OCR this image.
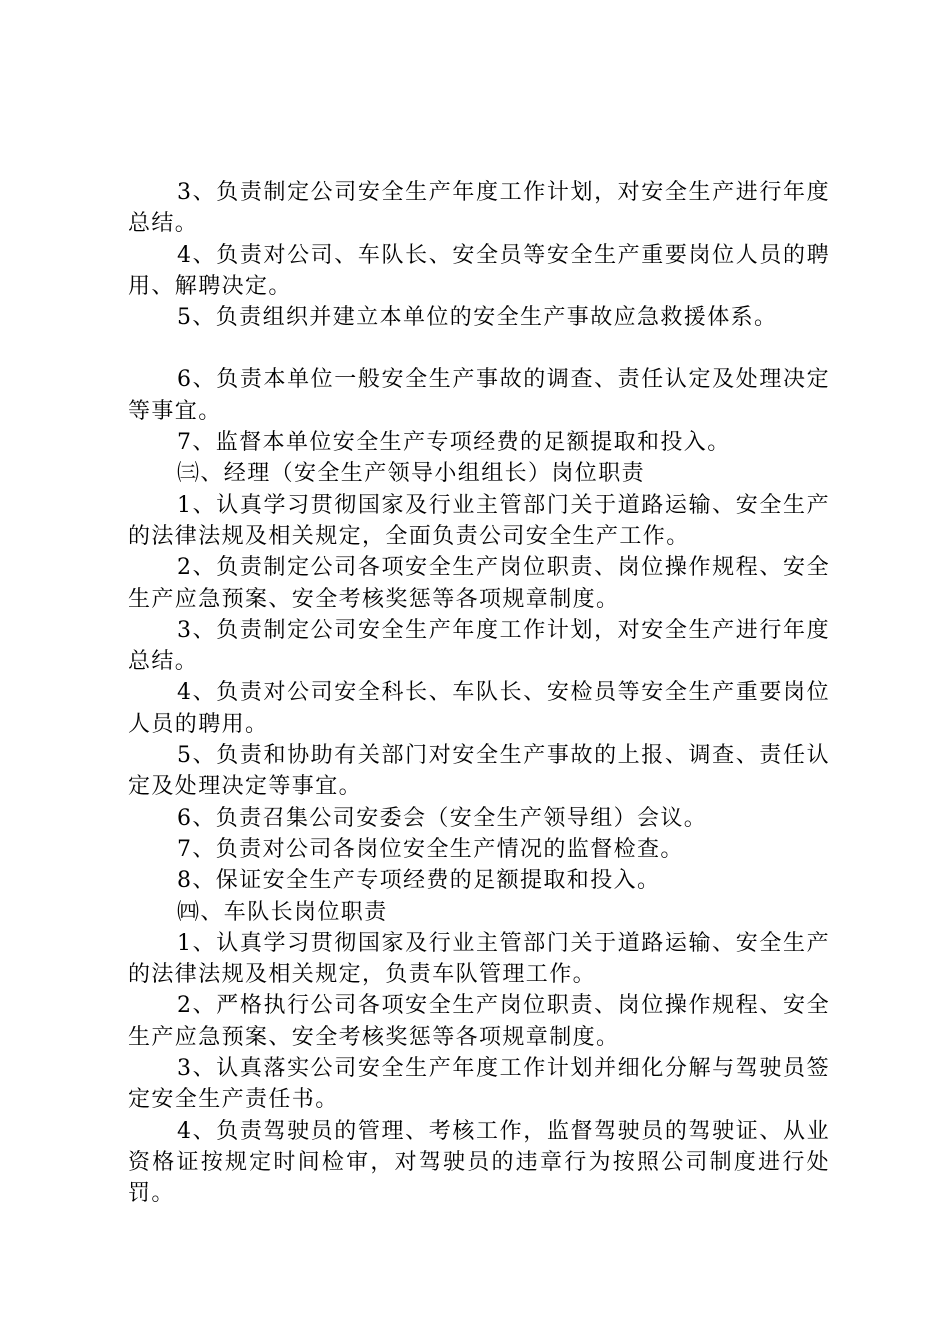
3、负责制定公司安全生产年度工作计划，对安全生产进行年度总结。

4、负责对公司、车队长、安全员等安全生产重要岗位人员的聘用、解聘决定。

5、负责组织并建立本单位的安全生产事故应急救援体系。

6、负责本单位一般安全生产事故的调查、责任认定及处理决定等事宜。

7、监督本单位安全生产专项经费的足额提取和投入。

㈢、经理（安全生产领导小组组长）岗位职责

1、认真学习贯彻国家及行业主管部门关于道路运输、安全生产的法律法规及相关规定，全面负责公司安全生产工作。

2、负责制定公司各项安全生产岗位职责、岗位操作规程、安全生产应急预案、安全考核奖惩等各项规章制度。

3、负责制定公司安全生产年度工作计划，对安全生产进行年度总结。

4、负责对公司安全科长、车队长、安检员等安全生产重要岗位人员的聘用。

5、负责和协助有关部门对安全生产事故的上报、调查、责任认定及处理决定等事宜。

6、负责召集公司安委会（安全生产领导组）会议。

7、负责对公司各岗位安全生产情况的监督检查。

8、保证安全生产专项经费的足额提取和投入。

㈣、车队长岗位职责

1、认真学习贯彻国家及行业主管部门关于道路运输、安全生产的法律法规及相关规定，负责车队管理工作。

2、严格执行公司各项安全生产岗位职责、岗位操作规程、安全生产应急预案、安全考核奖惩等各项规章制度。

3、认真落实公司安全生产年度工作计划并细化分解与驾驶员签定安全生产责任书。

4、负责驾驶员的管理、考核工作，监督驾驶员的驾驶证、从业资格证按规定时间检审，对驾驶员的违章行为按照公司制度进行处罚。
